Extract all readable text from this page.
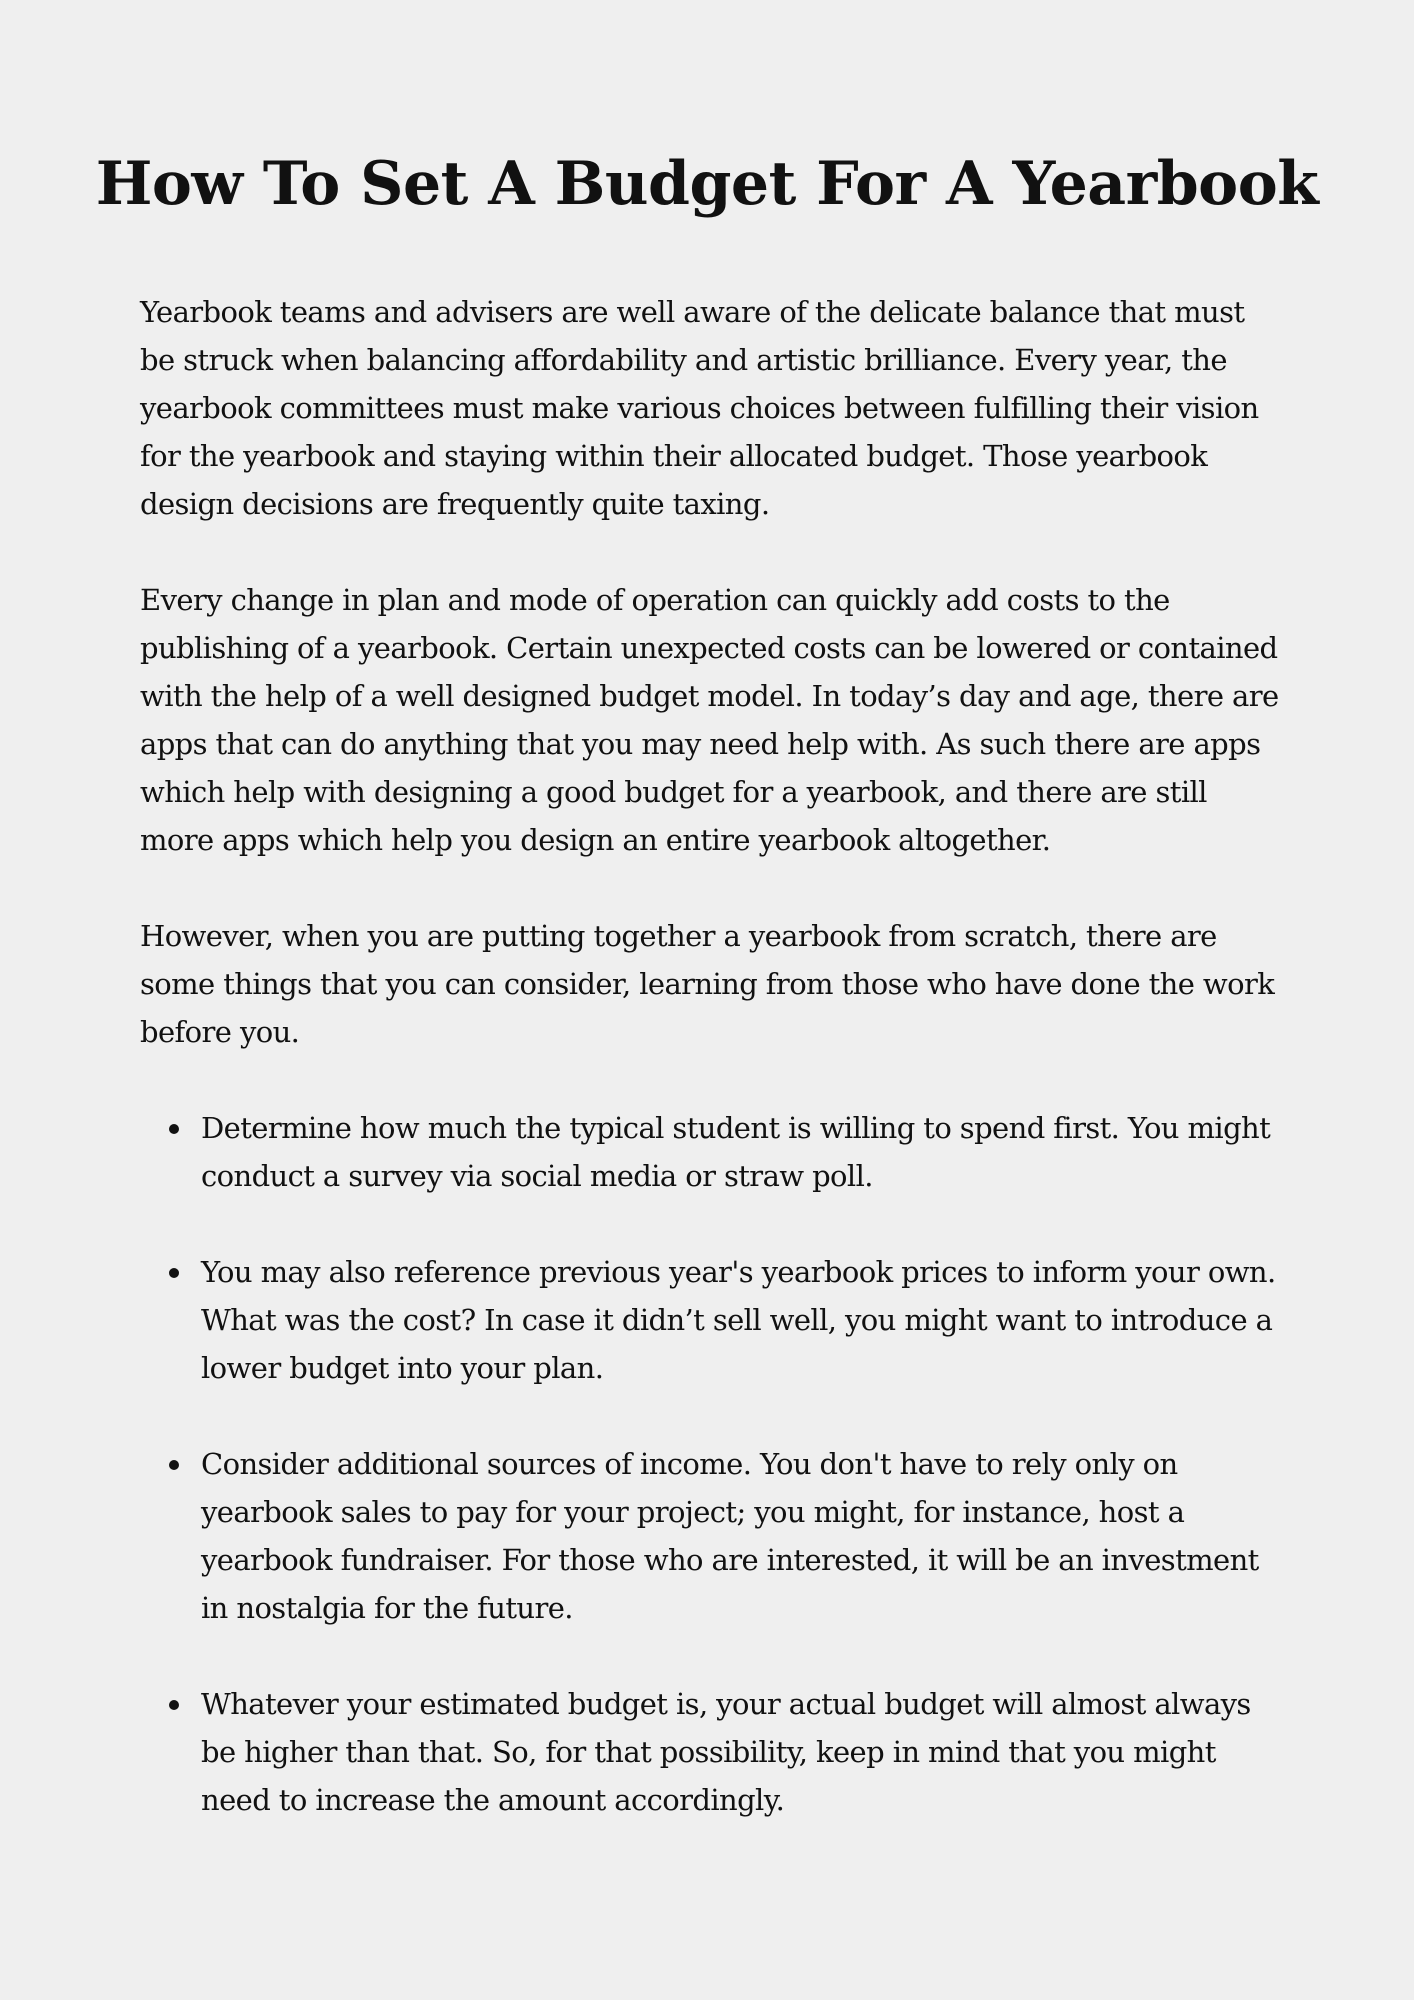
How To Set A Budget For A Yearbook

Yearbook teams and advisers are well aware of the delicate balance that must be struck when balancing affordability and artistic brilliance. Every year, the yearbook committees must make various choices between fulfilling their vision for the yearbook and staying within their allocated budget. Those yearbook design decisions are frequently quite taxing.

Every change in plan and mode of operation can quickly add costs to the publishing of a yearbook. Certain unexpected costs can be lowered or contained with the help of a well designed budget model. In today’s day and age, there are apps that can do anything that you may need help with. As such there are apps which help with designing a good budget for a yearbook, and there are still more apps which help you design an entire yearbook altogether.

However, when you are putting together a yearbook from scratch, there are some things that you can consider, learning from those who have done the work before you.

Determine how much the typical student is willing to spend first. You might conduct a survey via social media or straw poll.
You may also reference previous year's yearbook prices to inform your own. What was the cost? In case it didn’t sell well, you might want to introduce a lower budget into your plan.
Consider additional sources of income. You don't have to rely only on yearbook sales to pay for your project; you might, for instance, host a yearbook fundraiser. For those who are interested, it will be an investment in nostalgia for the future.
Whatever your estimated budget is, your actual budget will almost always be higher than that. So, for that possibility, keep in mind that you might need to increase the amount accordingly.
